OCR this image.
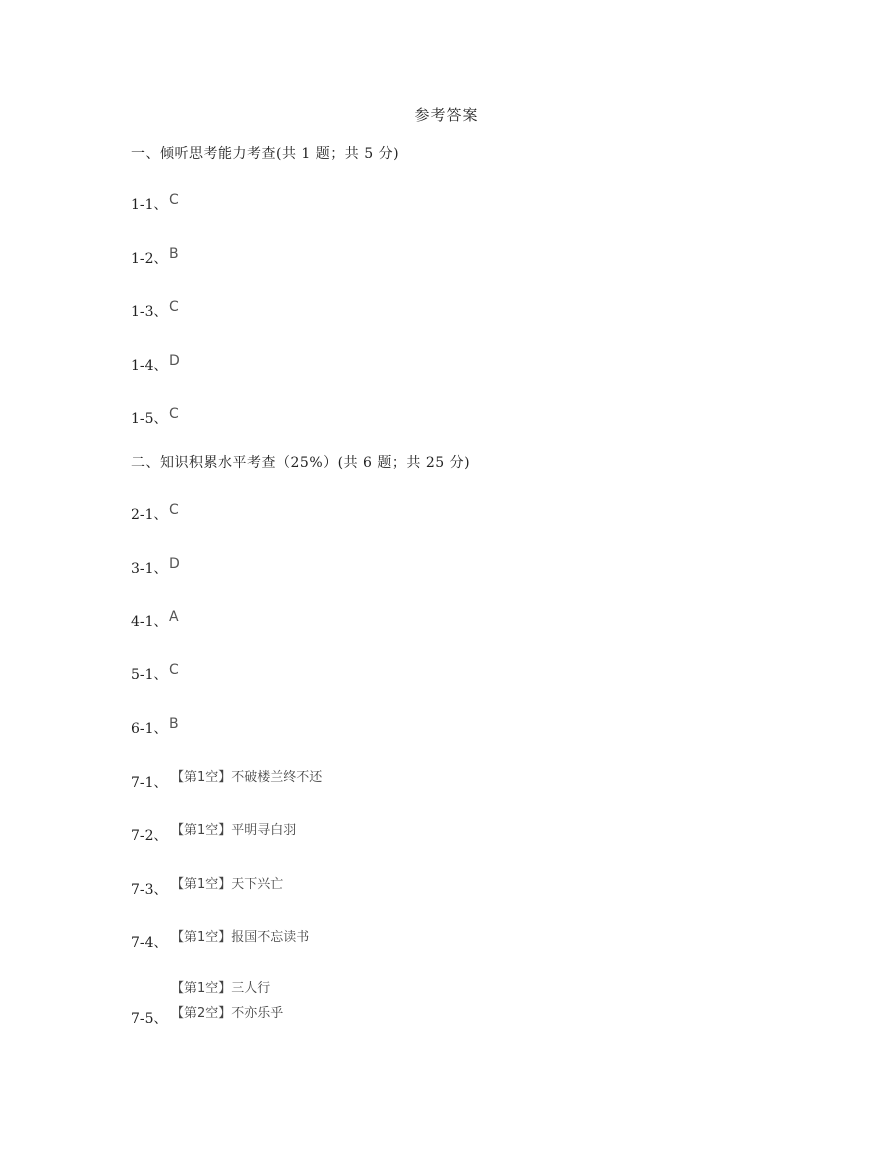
参考答案
一、倾听思考能力考查(共 1 题；共 5 分)
1-1、 C
1-2、 B
1-3、 C
1-4、 D
1-5、 C
二、知识积累水平考查（25%）(共 6 题；共 25 分)
2-1、 C
3-1、 D
4-1、 A
5-1、 C
6-1、 B
7-1、 【第1空】不破楼兰终不还
7-2、 【第1空】平明寻白羽
7-3、 【第1空】天下兴亡
7-4、 【第1空】报国不忘读书
7-5、
【第1空】三人行
【第2空】不亦乐乎
